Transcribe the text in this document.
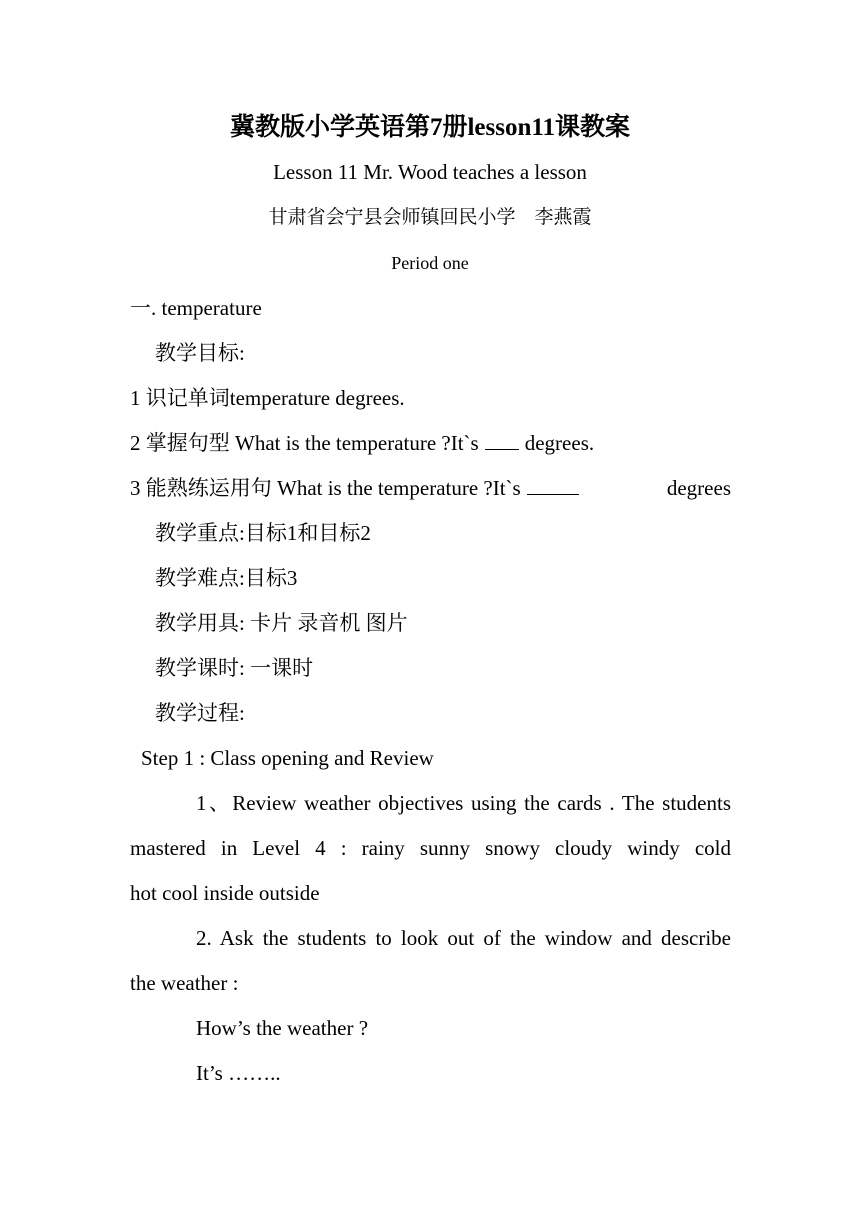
冀教版小学英语第7册lesson11课教案
Lesson 11 Mr. Wood teaches a lesson
甘肃省会宁县会师镇回民小学　李燕霞
Period one
一. temperature
教学目标:
1 识记单词temperature degrees.
2 掌握句型 What is the temperature ?It`s degrees.
3 能熟练运用句 What is the temperature ?It`s	degrees
教学重点:目标1和目标2
教学难点:目标3
教学用具: 卡片 录音机 图片
教学课时: 一课时
教学过程:
Step 1 : Class opening and Review
1、Review weather objectives using the cards . The students
mastered in Level 4 : rainy sunny snowy cloudy windy cold
hot cool inside outside
2. Ask the students to look out of the window and describe
the weather :
How’s the weather ?
It’s ……..
